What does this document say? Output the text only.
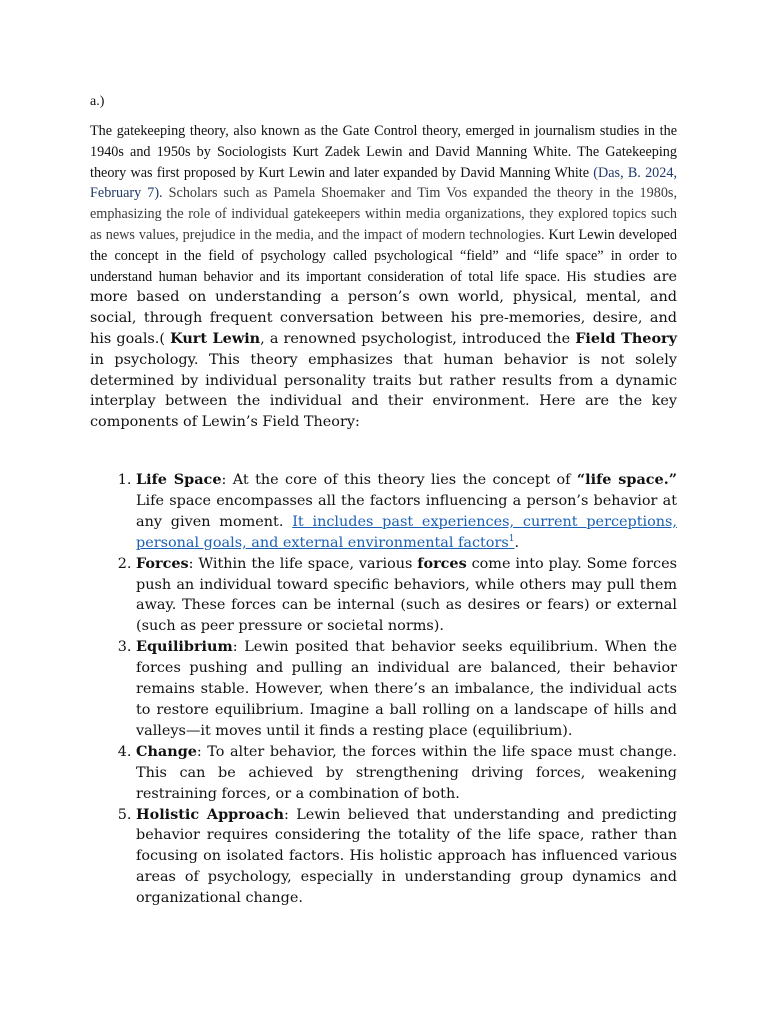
a.)
The gatekeeping theory, also known as the Gate Control theory, emerged in journalism studies in the 1940s and 1950s by Sociologists Kurt Zadek Lewin and David Manning White. The Gatekeeping theory was first proposed by Kurt Lewin and later expanded by David Manning White (Das, B. 2024, February 7). Scholars such as Pamela Shoemaker and Tim Vos expanded the theory in the 1980s, emphasizing the role of individual gatekeepers within media organizations, they explored topics such as news values, prejudice in the media, and the impact of modern technologies. Kurt Lewin developed the concept in the field of psychology called psychological “field” and “life space” in order to understand human behavior and its important consideration of total life space. His studies are more based on understanding a person’s own world, physical, mental, and social, through frequent conversation between his pre-memories, desire, and his goals.( Kurt Lewin, a renowned psychologist, introduced the Field Theory in psychology. This theory emphasizes that human behavior is not solely determined by individual personality traits but rather results from a dynamic interplay between the individual and their environment. Here are the key components of Lewin’s Field Theory:
1. Life Space: At the core of this theory lies the concept of “life space.” Life space encompasses all the factors influencing a person’s behavior at any given moment. It includes past experiences, current perceptions, personal goals, and external environmental factors$^1$.
2. Forces: Within the life space, various forces come into play. Some forces push an individual toward specific behaviors, while others may pull them away. These forces can be internal (such as desires or fears) or external (such as peer pressure or societal norms).
3. Equilibrium: Lewin posited that behavior seeks equilibrium. When the forces pushing and pulling an individual are balanced, their behavior remains stable. However, when there’s an imbalance, the individual acts to restore equilibrium. Imagine a ball rolling on a landscape of hills and valleys—it moves until it finds a resting place (equilibrium).
4. Change: To alter behavior, the forces within the life space must change. This can be achieved by strengthening driving forces, weakening restraining forces, or a combination of both.
5. Holistic Approach: Lewin believed that understanding and predicting behavior requires considering the totality of the life space, rather than focusing on isolated factors. His holistic approach has influenced various areas of psychology, especially in understanding group dynamics and organizational change.
